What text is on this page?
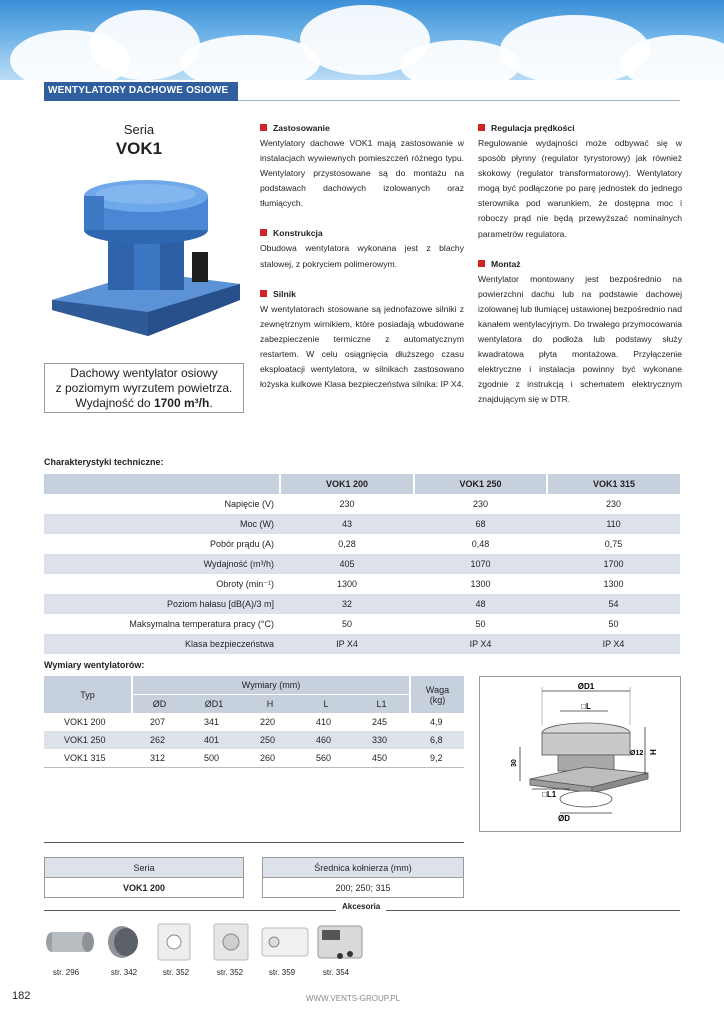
WENTYLATORY DACHOWE OSIOWE
Seria
VOK1
Dachowy wentylator osiowy
z poziomym wyrzutem powietrza.
Wydajność do 1700 m³/h.
Zastosowanie

Wentylatory dachowe VOK1 mają zastosowanie w instalacjach wywiewnych pomieszczeń różnego typu. Wentylatory przystosowane są do montażu na podstawach dachowych izolowanych oraz tłumiących.

Konstrukcja

Obudowa wentylatora wykonana jest z blachy stalowej, z pokryciem polimerowym.

Silnik

W wentylatorach stosowane są jednofazowe silniki z zewnętrznym wirnikiem, które posiadają wbudowane zabezpieczenie termiczne z automatycznym restartem. W celu osiągnięcia dłuższego czasu eksploatacji wentylatora, w silnikach zastosowano łożyska kulkowe Klasa bezpieczeństwa silnika: IP X4.

Regulacja prędkości

Regulowanie wydajności może odbywać się w sposób płynny (regulator tyrystorowy) jak również skokowy (regulator transformatorowy). Wentylatory mogą być podłączone po parę jednostek do jednego sterownika pod warunkiem, że dostępna moc i roboczy prąd nie będą przewyższać nominalnych parametrów regulatora.

Montaż

Wentylator montowany jest bezpośrednio na powierzchni dachu lub na podstawie dachowej izolowanej lub tłumiącej ustawionej bezpośrednio nad kanałem wentylacyjnym. Do trwałego przymocowania wentylatora do podłoża lub podstawy służy kwadratowa płyta montażowa. Przyłączenie elektryczne i instalacja powinny być wykonane zgodnie z instrukcją i schematem elektrycznym znajdującym się w DTR.

Charakterystyki techniczne:
	VOK1 200	VOK1 250	VOK1 315
Napięcie (V)	230	230	230
Moc (W)	43	68	110
Pobór prądu (A)	0,28	0,48	0,75
Wydajność (m³/h)	405	1070	1700
Obroty (min⁻¹)	1300	1300	1300
Poziom hałasu [dB(A)/3 m]	32	48	54
Maksymalna temperatura pracy (°C)	50	50	50
Klasa bezpieczeństwa	IP X4	IP X4	IP X4
Wymiary wentylatorów:
Typ	Wymiary (mm)					Waga
(kg)

	ØD	ØD1	H	L	L1	
VOK1 200	207	341	220	410	245	4,9
VOK1 250	262	401	250	460	330	6,8
VOK1 315	312	500	260	560	450	9,2
ØD1
□L
Ø12 H
30
□L1
ØD
Seria
VOK1 200
Średnica kołnierza (mm)
200; 250; 315
Akcesoria
str. 296	str. 342	str. 352	str. 352	str. 359	str. 354
182	WWW.VENTS-GROUP.PL
